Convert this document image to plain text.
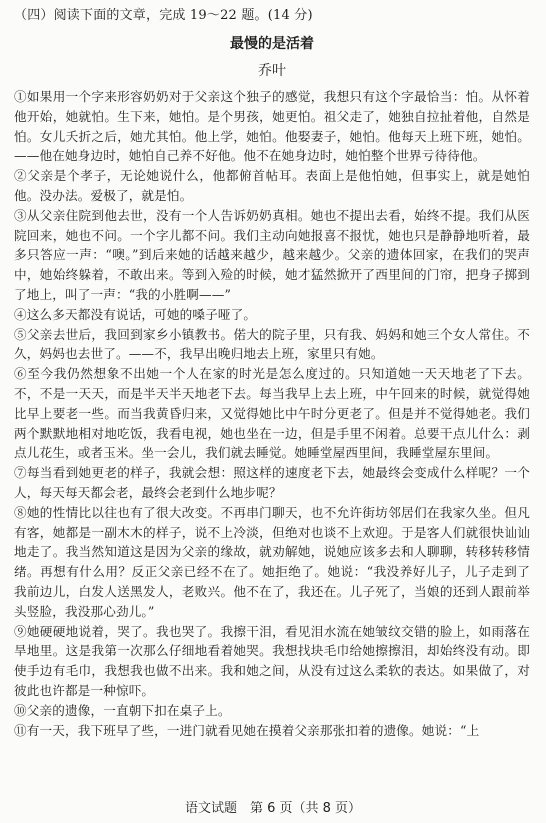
（四）阅读下面的文章，完成 19～22 题。(14 分)
最慢的是活着
乔叶

①如果用一个字来形容奶奶对于父亲这个独子的感觉，我想只有这个字最恰当：怕。从怀着他开始，她就怕。生下来，她怕。是个男孩，她更怕。祖父走了，她独自拉扯着他，自然是怕。女儿夭折之后，她尤其怕。他上学，她怕。他娶妻子，她怕。他每天上班下班，她怕。——他在她身边时，她怕自己养不好他。他不在她身边时，她怕整个世界亏待待他。

②父亲是个孝子，无论她说什么，他都俯首帖耳。表面上是他怕她，但事实上，就是她怕他。没办法。爱极了，就是怕。

③从父亲住院到他去世，没有一个人告诉奶奶真相。她也不提出去看，始终不提。我们从医院回来，她也不问。一个字儿都不问。我们主动向她报喜不报忧，她也只是静静地听着，最多只答应一声：“噢。”到后来她的话越来越少，越来越少。父亲的遗体回家，在我们的哭声中，她始终躲着，不敢出来。等到入殓的时候，她才猛然掀开了西里间的门帘，把身子掷到了地上，叫了一声：“我的小胜啊——”

④这么多天都没有说话，可她的嗓子哑了。

⑤父亲去世后，我回到家乡小镇教书。偌大的院子里，只有我、妈妈和她三个女人常住。不久，妈妈也去世了。——不，我早出晚归地去上班，家里只有她。

⑥至今我仍然想象不出她一个人在家的时光是怎么度过的。只知道她一天天地老了下去。不，不是一天天，而是半天半天地老下去。每当我早上去上班，中午回来的时候，就觉得她比早上要老一些。而当我黄昏归来，又觉得她比中午时分更老了。但是并不觉得她老。我们两个默默地相对地吃饭，我看电视，她也坐在一边，但是手里不闲着。总要干点儿什么：剥点儿花生，或者玉米。坐一会儿，我们就去睡觉。她睡堂屋西里间，我睡堂屋东里间。

⑦每当看到她更老的样子，我就会想：照这样的速度老下去，她最终会变成什么样呢？一个人，每天每天都会老，最终会老到什么地步呢？

⑧她的性情比以往也有了很大改变。不再串门聊天，也不允许街坊邻居们在我家久坐。但凡有客，她都是一副木木的样子，说不上冷淡，但绝对也谈不上欢迎。于是客人们就很快讪讪地走了。我当然知道这是因为父亲的缘故，就劝解她，说她应该多去和人聊聊，转移转移情绪。再想有什么用？反正父亲已经不在了。她拒绝了。她说：“我没养好儿子，儿子走到了我前边儿，白发人送黑发人，老败兴。他不在了，我还在。儿子死了，当娘的还到人跟前举头竖脸，我没那心劲儿。”

⑨她硬硬地说着，哭了。我也哭了。我擦干泪，看见泪水流在她皱纹交错的脸上，如雨落在旱地里。这是我第一次那么仔细地看着她哭。我想找块毛巾给她擦擦泪，却始终没有动。即使手边有毛巾，我想我也做不出来。我和她之间，从没有过这么柔软的表达。如果做了，对彼此也许都是一种惊吓。

⑩父亲的遗像，一直朝下扣在桌子上。

⑪有一天，我下班早了些，一进门就看见她在摸着父亲那张扣着的遗像。她说：“上

语文试题　第 6 页（共 8 页）
